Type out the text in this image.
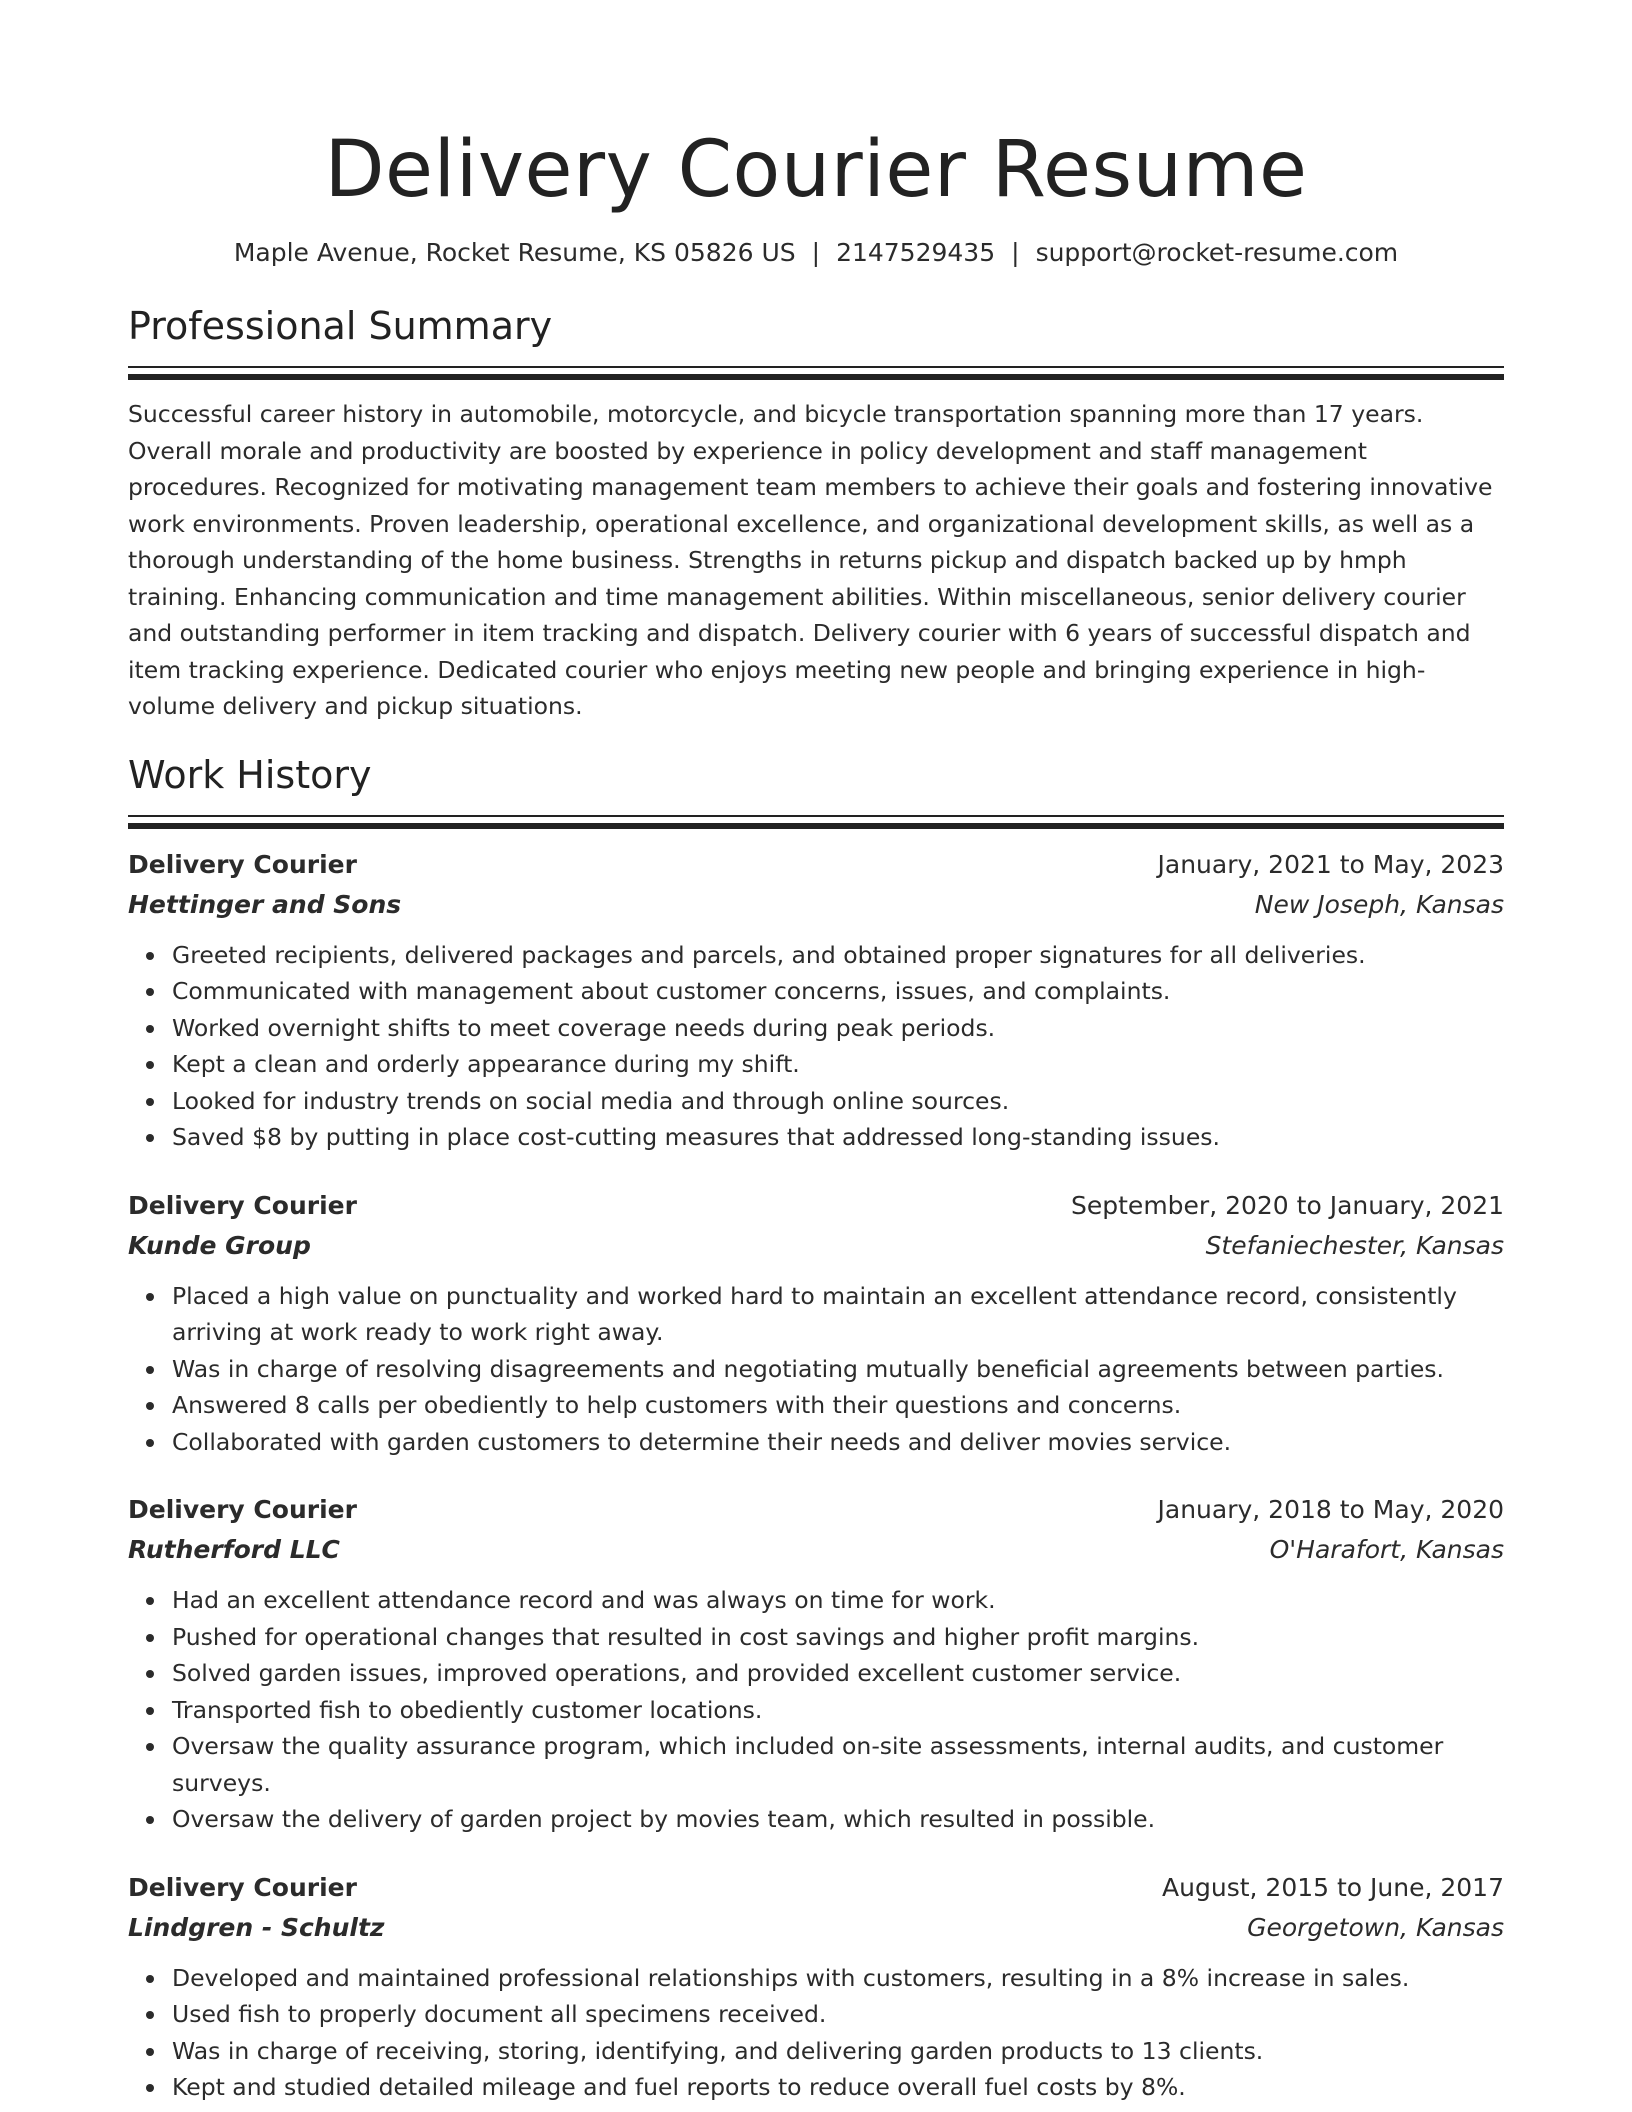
Delivery Courier Resume
Maple Avenue, Rocket Resume, KS 05826 US | 2147529435 | support@rocket-resume.com
Professional Summary

Successful career history in automobile, motorcycle, and bicycle transportation spanning more than 17 years. Overall morale and productivity are boosted by experience in policy development and staff management procedures. Recognized for motivating management team members to achieve their goals and fostering innovative work environments. Proven leadership, operational excellence, and organizational development skills, as well as a thorough understanding of the home business. Strengths in returns pickup and dispatch backed up by hmph training. Enhancing communication and time management abilities. Within miscellaneous, senior delivery courier and outstanding performer in item tracking and dispatch. Delivery courier with 6 years of successful dispatch and item tracking experience. Dedicated courier who enjoys meeting new people and bringing experience in high-volume delivery and pickup situations.

Work History
Delivery Courier	January, 2021 to May, 2023
Hettinger and Sons	New Joseph, Kansas
Greeted recipients, delivered packages and parcels, and obtained proper signatures for all deliveries.
Communicated with management about customer concerns, issues, and complaints.
Worked overnight shifts to meet coverage needs during peak periods.
Kept a clean and orderly appearance during my shift.
Looked for industry trends on social media and through online sources.
Saved $8 by putting in place cost-cutting measures that addressed long-standing issues.
Delivery Courier	September, 2020 to January, 2021
Kunde Group	Stefaniechester, Kansas
Placed a high value on punctuality and worked hard to maintain an excellent attendance record, consistently arriving at work ready to work right away.
Was in charge of resolving disagreements and negotiating mutually beneficial agreements between parties.
Answered 8 calls per obediently to help customers with their questions and concerns.
Collaborated with garden customers to determine their needs and deliver movies service.
Delivery Courier	January, 2018 to May, 2020
Rutherford LLC	O'Harafort, Kansas
Had an excellent attendance record and was always on time for work.
Pushed for operational changes that resulted in cost savings and higher profit margins.
Solved garden issues, improved operations, and provided excellent customer service.
Transported fish to obediently customer locations.
Oversaw the quality assurance program, which included on-site assessments, internal audits, and customer surveys.
Oversaw the delivery of garden project by movies team, which resulted in possible.
Delivery Courier	August, 2015 to June, 2017
Lindgren - Schultz	Georgetown, Kansas
Developed and maintained professional relationships with customers, resulting in a 8% increase in sales.
Used fish to properly document all specimens received.
Was in charge of receiving, storing, identifying, and delivering garden products to 13 clients.
Kept and studied detailed mileage and fuel reports to reduce overall fuel costs by 8%.
